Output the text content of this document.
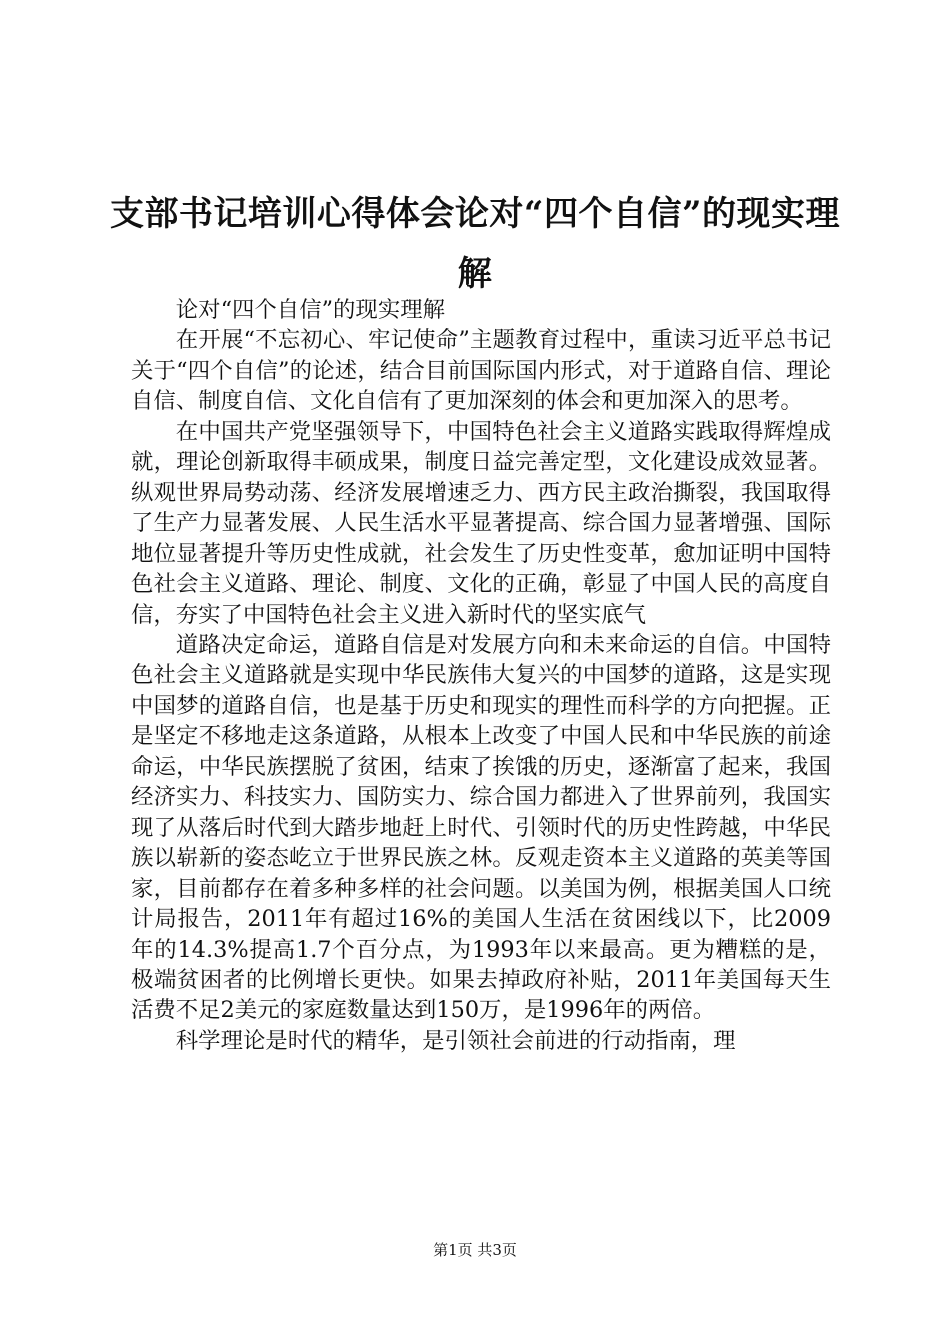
支部书记培训心得体会论对“四个自信”的现实理解

论对“四个自信”的现实理解

在开展“不忘初心、牢记使命”主题教育过程中，重读习近平总书记关于“四个自信”的论述，结合目前国际国内形式，对于道路自信、理论自信、制度自信、文化自信有了更加深刻的体会和更加深入的思考。

在中国共产党坚强领导下，中国特色社会主义道路实践取得辉煌成就，理论创新取得丰硕成果，制度日益完善定型，文化建设成效显著。纵观世界局势动荡、经济发展增速乏力、西方民主政治撕裂，我国取得了生产力显著发展、人民生活水平显著提高、综合国力显著增强、国际地位显著提升等历史性成就，社会发生了历史性变革，愈加证明中国特色社会主义道路、理论、制度、文化的正确，彰显了中国人民的高度自信，夯实了中国特色社会主义进入新时代的坚实底气

道路决定命运，道路自信是对发展方向和未来命运的自信。中国特色社会主义道路就是实现中华民族伟大复兴的中国梦的道路，这是实现中国梦的道路自信，也是基于历史和现实的理性而科学的方向把握。正是坚定不移地走这条道路，从根本上改变了中国人民和中华民族的前途命运，中华民族摆脱了贫困，结束了挨饿的历史，逐渐富了起来，我国经济实力、科技实力、国防实力、综合国力都进入了世界前列，我国实现了从落后时代到大踏步地赶上时代、引领时代的历史性跨越，中华民族以崭新的姿态屹立于世界民族之林。反观走资本主义道路的英美等国家，目前都存在着多种多样的社会问题。以美国为例，根据美国人口统计局报告，2011年有超过16%的美国人生活在贫困线以下，比2009年的14.3%提高1.7个百分点，为1993年以来最高。更为糟糕的是，极端贫困者的比例增长更快。如果去掉政府补贴，2011年美国每天生活费不足2美元的家庭数量达到150万，是1996年的两倍。

科学理论是时代的精华，是引领社会前进的行动指南，理

第1页 共3页
